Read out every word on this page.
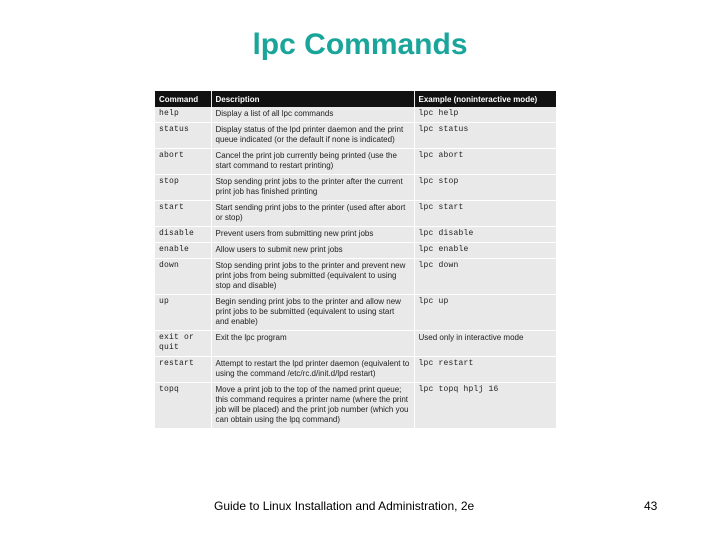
lpc Commands
Command	Description	Example (noninteractive mode)
help	Display a list of all lpc commands	lpc help
status	Display status of the lpd printer daemon and the print queue indicated (or the default if none is indicated)	lpc status
abort	Cancel the print job currently being printed (use the start command to restart printing)	lpc abort
stop	Stop sending print jobs to the printer after the current print job has finished printing	lpc stop
start	Start sending print jobs to the printer (used after abort or stop)	lpc start
disable	Prevent users from submitting new print jobs	lpc disable
enable	Allow users to submit new print jobs	lpc enable
down	Stop sending print jobs to the printer and prevent new print jobs from being submitted (equivalent to using stop and disable)	lpc down
up	Begin sending print jobs to the printer and allow new print jobs to be submitted (equivalent to using start and enable)	lpc up
exit or quit	Exit the lpc program	Used only in interactive mode
restart	Attempt to restart the lpd printer daemon (equivalent to using the command /etc/rc.d/init.d/lpd restart)	lpc restart
topq	Move a print job to the top of the named print queue; this command requires a printer name (where the print job will be placed) and the print job number (which you can obtain using the lpq command)	lpc topq hplj 16
Guide to Linux Installation and Administration, 2e	43
